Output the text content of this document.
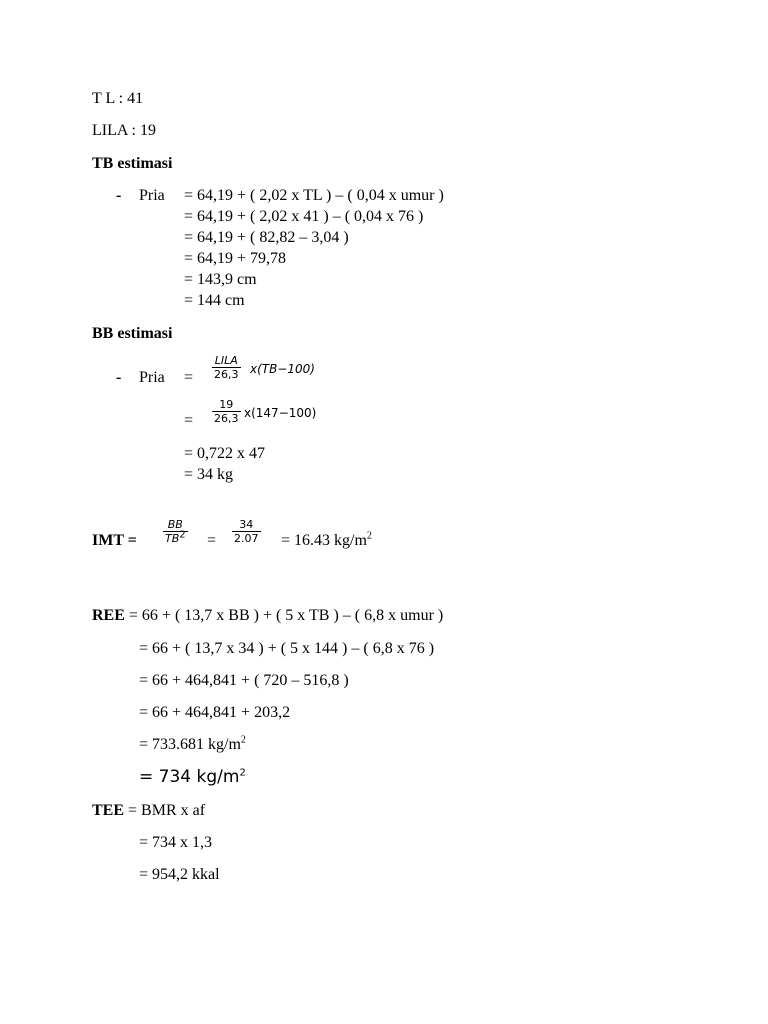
T L : 41
LILA : 19
TB estimasi
- Pria = 64,19 + ( 2,02 x TL ) – ( 0,04 x umur )
= 64,19 + ( 2,02 x 41 ) – ( 0,04 x 76 )
= 64,19 + ( 82,82 – 3,04 )
= 64,19 + 79,78
= 143,9 cm
= 144 cm
BB estimasi
- Pria =
LILA
26,3 x(TB−100)
= $\frac{19}{26,3} x(147-100)$
= 0,722 x 47
= 34 kg
IMT = $\frac{BB}{TB^2} = \frac{34}{2.07} = 16.43$ $kg/m^2$
REE = 66 + ( 13,7 x BB ) + ( 5 x TB ) – ( 6,8 x umur )
= 66 + ( 13,7 x 34 ) + ( 5 x 144 ) – ( 6,8 x 76 )
= 66 + 464,841 + ( 720 – 516,8 )
= 66 + 464,841 + 203,2
= 733.681 $kg/m^2$
= 734 $kg/m^2$
TEE = BMR x af
= 734 x 1,3
= 954,2 kkal
